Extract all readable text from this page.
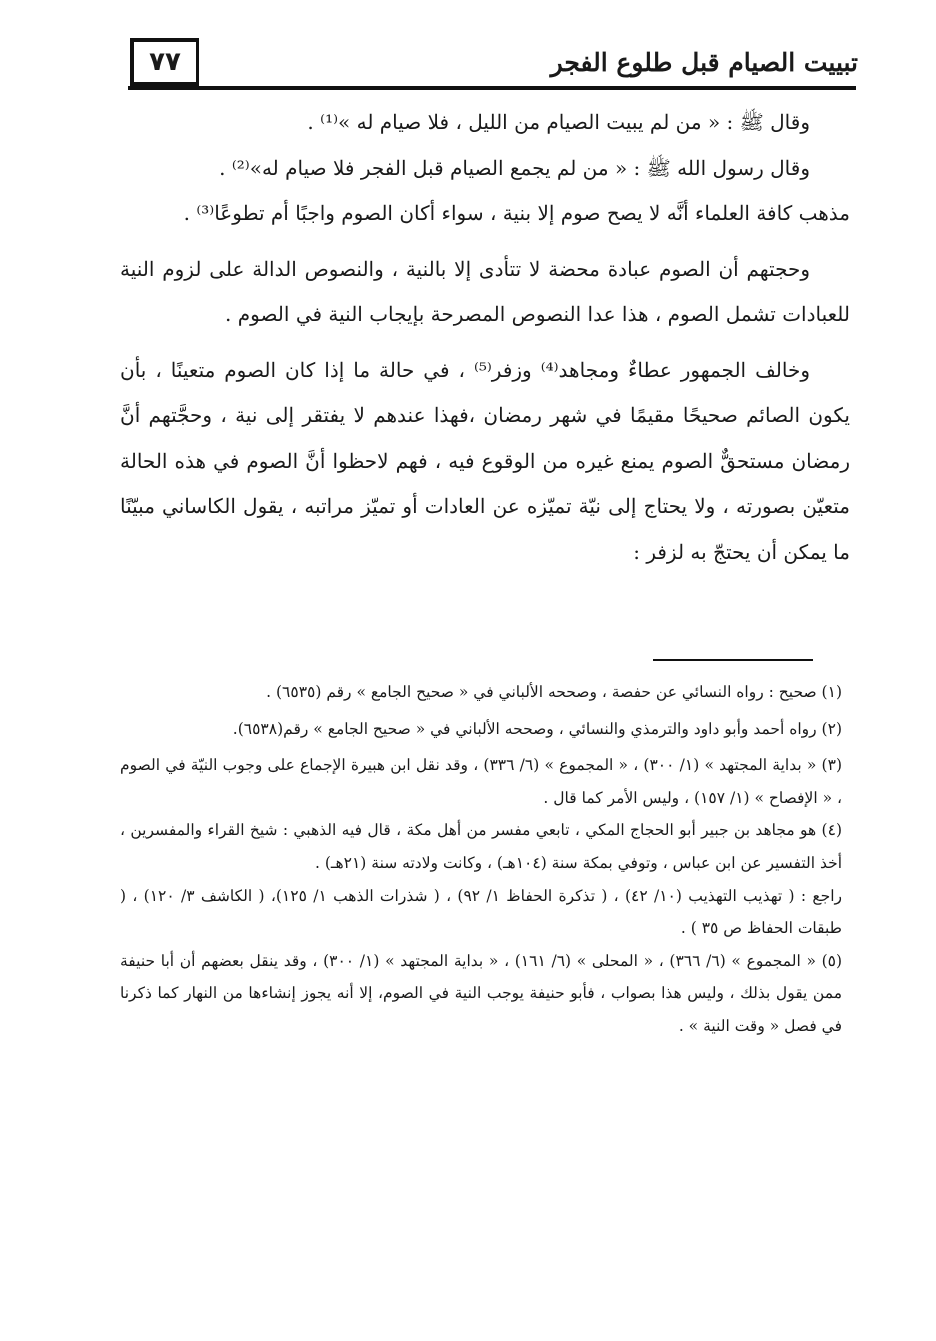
٧٧	تبييت الصيام قبل طلوع الفجر

وقال ﷺ : « من لم يبيت الصيام من الليل ، فلا صيام له »⁽¹⁾ .

وقال رسول الله ﷺ : « من لم يجمع الصيام قبل الفجر فلا صيام له»⁽²⁾ .

مذهب كافة العلماء أنَّه لا يصح صوم إلا بنية ، سواء أكان الصوم واجبًا أم تطوعًا⁽³⁾ .

وحجتهم أن الصوم عبادة محضة لا تتأدى إلا بالنية ، والنصوص الدالة على لزوم النية للعبادات تشمل الصوم ، هذا عدا النصوص المصرحة بإيجاب النية في الصوم .

وخالف الجمهور عطاءٌ ومجاهد⁽⁴⁾ وزفر⁽⁵⁾ ، في حالة ما إذا كان الصوم متعينًا ، بأن يكون الصائم صحيحًا مقيمًا في شهر رمضان ،فهذا عندهم لا يفتقر إلى نية ، وحجَّتهم أنَّ رمضان مستحقٌّ الصوم يمنع غيره من الوقوع فيه ، فهم لاحظوا أنَّ الصوم في هذه الحالة متعيّن بصورته ، ولا يحتاج إلى نيّة تميّزه عن العادات أو تميّز مراتبه ، يقول الكاساني مبيّنًا ما يمكن أن يحتجّ به لزفر :

(١) صحيح : رواه النسائي عن حفصة ، وصححه الألباني في « صحيح الجامع » رقم (٦٥٣٥) .

(٢) رواه أحمد وأبو داود والترمذي والنسائي ، وصححه الألباني في « صحيح الجامع » رقم(٦٥٣٨).

(٣) « بداية المجتهد » (١/ ٣٠٠) ، « المجموع » (٦/ ٣٣٦) ، وقد نقل ابن هبيرة الإجماع على وجوب النيّة في الصوم ، « الإفصاح » (١/ ١٥٧) ، وليس الأمر كما قال .

(٤) هو مجاهد بن جبير أبو الحجاج المكي ، تابعي مفسر من أهل مكة ، قال فيه الذهبي : شيخ القراء والمفسرين ، أخذ التفسير عن ابن عباس ، وتوفي بمكة سنة (١٠٤هـ) ، وكانت ولادته سنة (٢١هـ) .

راجع : ( تهذيب التهذيب (١٠/ ٤٢) ، ( تذكرة الحفاظ ١/ ٩٢) ، ( شذرات الذهب ١/ ١٢٥)، ( الكاشف ٣/ ١٢٠) ، ( طبقات الحفاظ ص ٣٥ ) .

(٥) « المجموع » (٦/ ٣٦٦) ، « المحلى » (٦/ ١٦١) ، « بداية المجتهد » (١/ ٣٠٠) ، وقد ينقل بعضهم أن أبا حنيفة ممن يقول بذلك ، وليس هذا بصواب ، فأبو حنيفة يوجب النية في الصوم، إلا أنه يجوز إنشاءها من النهار كما ذكرنا في فصل « وقت النية » .
